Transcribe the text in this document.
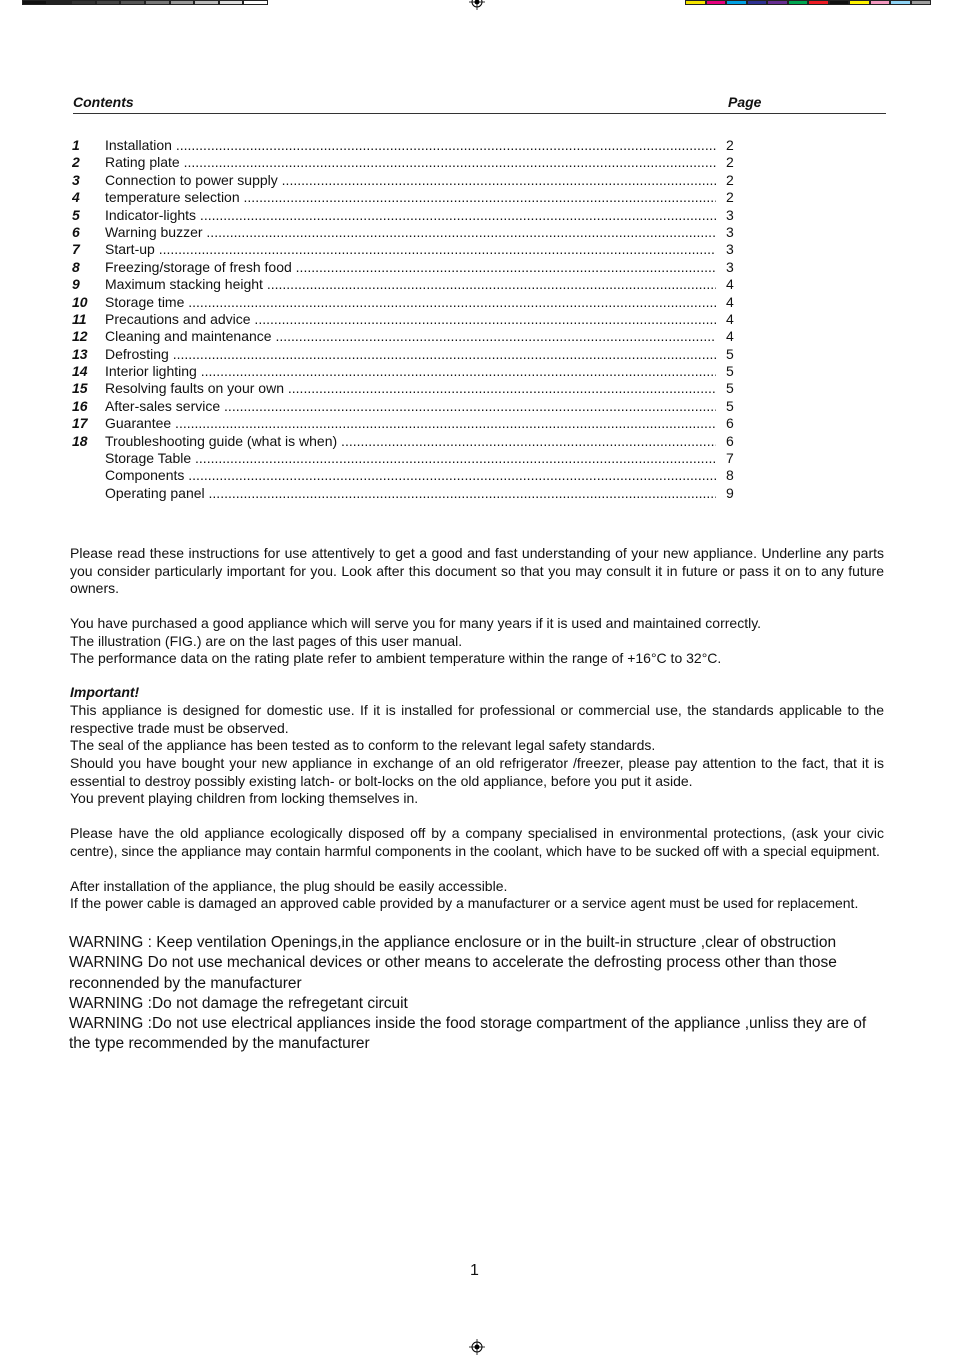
Contents	Page
1	Installation .....	2
2	Rating plate .....	2
3	Connection to power supply .....	2
4	temperature selection .....	2
5	Indicator-lights .....	3
6	Warning buzzer .....	3
7	Start-up .....	3
8	Freezing/storage of fresh food .....	3
9	Maximum stacking height .....	4
10	Storage time .....	4
11	Precautions and advice .....	4
12	Cleaning and maintenance .....	4
13	Defrosting .....	5
14	Interior lighting .....	5
15	Resolving faults on your own .....	5
16	After-sales service .....	5
17	Guarantee .....	6
18	Troubleshooting guide (what is when) .....	6
Storage Table .....	7
Components .....	8
Operating panel .....	9

Please read these instructions for use attentively to get a good and fast understanding of your new appliance. Underline any parts you consider particularly important for you. Look after this document so that you may consult it in future or pass it on to any future owners.

You have purchased a good appliance which will serve you for many years if it is used and maintained correctly.

The illustration (FIG.) are on the last pages of this user manual.

The performance data on the rating plate refer to ambient temperature within the range of +16°C to 32°C.

Important!

This appliance is designed for domestic use. If it is installed for professional or commercial use, the standards applicable to the respective trade must be observed.

The seal of the appliance has been tested as to conform to the relevant legal safety standards.

Should you have bought your new appliance in exchange of an old refrigerator /freezer, please pay attention to the fact, that it is essential to destroy possibly existing latch- or bolt-locks on the old appliance, before you put it aside.

You prevent playing children from locking themselves in.

Please have the old appliance ecologically disposed off by a company specialised in environmental protections, (ask your civic centre), since the appliance may contain harmful components in the coolant, which have to be sucked off with a special equipment.

After installation of the appliance, the plug should be easily accessible.

If the power cable is damaged an approved cable provided by a manufacturer or a service agent must be used for replacement.

WARNING : Keep ventilation Openings,in the appliance enclosure or in the built-in structure ,clear of obstruction

WARNING Do not use mechanical devices or other means to accelerate the defrosting process other than those reconnended by the manufacturer

WARNING :Do not damage the refregetant circuit

WARNING :Do not use electrical appliances inside the food storage compartment of the appliance ,unliss they are of the type recommended by the manufacturer

1
